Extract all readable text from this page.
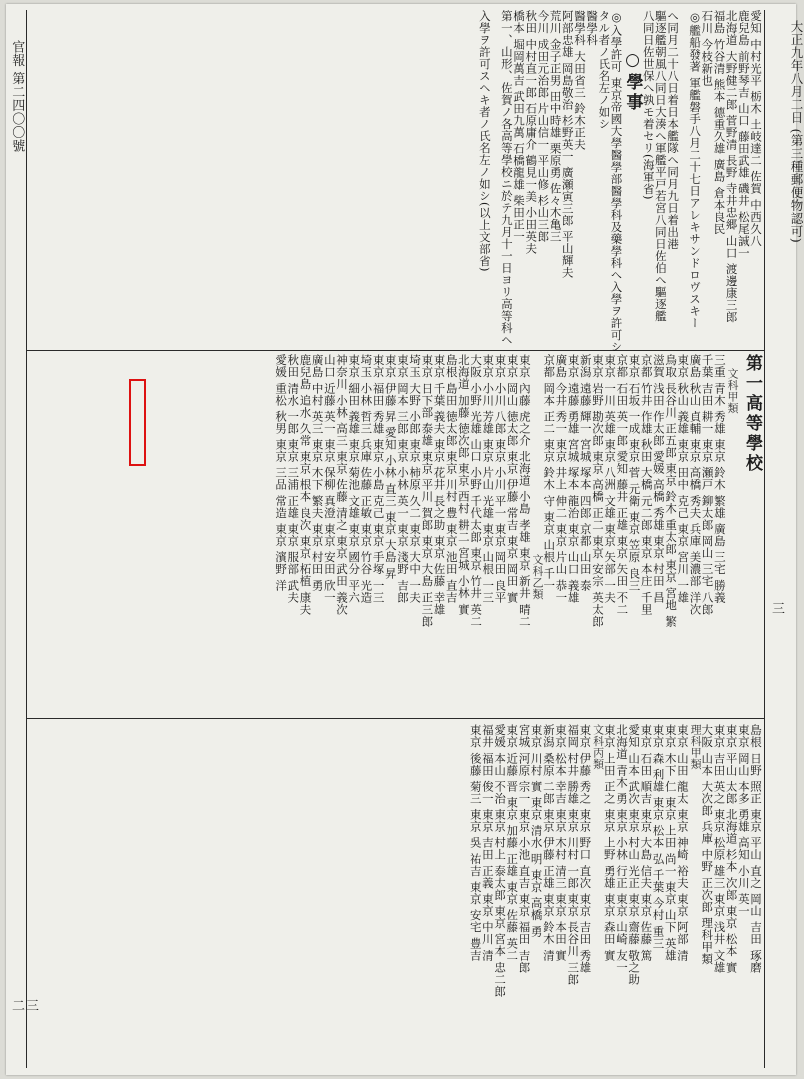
大正九年八月二日 (第三種郵便物認可)
官報 第二四〇〇號
二三
三
愛知 中村光平 栃木 土岐達二 佐賀 中西久八
鹿兒島 前野琴吉 山口 藤田武雄 磯井 松尾誠一
北海道 大野健二郎 菅野清 長野 寺井忠郷 山口 渡邊康三郎
福島 竹谷清 熊本 德重久雄 廣島 倉本良民
石川 今枝新也
◎艦船發著 軍艦磐手八月二十七日アレキサンドロヴスキー
へ同月二十八日着日本艦隊へ同月九日着出港
驅逐艦朝風八同日大湊へ軍艦平戸若宮八同日佐伯へ驅逐艦
八同日佐世保へ孰モ着セリ(海軍省)
○學事
◎入學許可 東京帝國大學醫學部醫學科及藥學科へ入學ヲ許可シ
タル者ノ氏名左ノ如シ
醫學科
醫學科 大田省三 鈴木正夫
阿部忠雄 岡島敬治 杉野英一 廣瀬寅三郎 平山輝夫
荒川 金子正男 田中時雄 栗原勇 佐々木亀三
今川 成田元治郎 片山信一 平山修 杉山三郎
秋田 中村直一郎 石原庸介 鶴見一美 小田英夫
橋本 堀岡萬吉 武田九萬 石橋龍雄 柴田正一
第一、山形、佐賀ノ各高等學校ニ於テ九月十一日ヨリ高等科ヘ
入學ヲ許可スヘキ者ノ氏名左ノ如シ(以上文部省)
第一高等學校
文科甲類
三重 青木 秀雄 東京 鈴木 繁雄 廣島 三宅 勝義
千葉 吉田 耕一 東京 瀬戸 鉚太郎 岡山 三宅 八郎
廣島 秋山 貞輔 東京 高橋 秀夫 兵庫 美濃部 洋次
東京 秋山 義雄 東京 田中 克己 東京 宮川 一雄
鳥取 長谷川 正五郎 東京 鈴木 重太郎 東京 宮地 繁
滋賀 浅田 作太郎 愛媛 高橋 秀雄 東京 村田 昌
京都 竹井 作雄 秋田 大橋 元二郎 東京 本庄 千里
東京 石坂 一成 東京 菅 元衛 東京 笠原 良三
京都 石田 英一郎 愛知 藤井 正雄 東京 矢田 不二
東京 一川 英雄 東京 八洲 文雄 東京 矢部 一夫
東京 岩野 勘次郎 東京 高橋 正二 東京 安宗 英太郎
新潟 遠藤 輝一 宮城 塚本 四郎 京都 山田 泰
東京 遠藤 勇雄 宮城 塚本 龍治 東京 山口 義雄
廣島 今井 秀一 東京 井上 伸二 東京 片山 恭一
京都 岡本 正二 東京 鈴木 守 東京 山根 千一
文科乙類
東京 內藤 虎之介 北海道 小島 孝雄 東京 新井 晴二
東京 岡山 徳太郎 東京 伊藤 常吉 東京 岡田 實
東京 小川 八郎 東京 小川 平一 東京 岡田 良平
東京 小川 芳雄 東京 片山 光雄 東京 山根 一三
大阪 小野 光雄 山口 小野 千代太郎 東京 竹井 英二
北海道 加藤 徳次郎 東京 西村 耕二 宮城 小林 實
島根 島田 徳太郎 東京 川村 豊 東京 池田 直吉
東京 千葉 義夫 東京 花井 長之助 東京 佐藤 幸雄
東京 日下部 泰雄 東京 平川 賀郎 東京 大島 正三郎
埼玉 大野 小郎 東京 柿原 久二 東京 大中 一夫
東京 岡本 三郎 東京 小林 英一 東京 淺野 吉郎
東京 伊藤 昇 愛知 小林 直三 東京 大島 昇
東京 福田 秀雄 東京 小島 克己 東京 手塚 一三
埼玉 小林 哲三 兵庫 佐藤 正敏 東京 竹谷 光造
東京 細田 義雄 東京 菊池 文雄 東京 國分 平六
神奈川 小林 高三 東京 佐藤 清之 東京 武田 義次
山口 近藤 英一 東京 保柳 真澄 東京 安田 欣一
廣島 中村 英三 東京 木下 繁夫 東京 村田 勇
鹿兒島 追水 久常 東京 根本 良次 東京 柘植 康夫
秋田 清水 一郎 東京 三浦 正雄 東京 服部 武夫
愛媛 重松 秋男 東京 三品 常造 東京 濱野 洋
島根 日野 照正 東京 平山 直之 岡山 吉田 琢磨
東京 岡山 本多 勇雄 高知 小川 英一
東京 平山 太郎 北海道 杉本 次郎 東京 松本 實
東京 吉田 英之 東京 松原 雄三 東京 浅井 文雄
大阪 山本 大次郎 兵庫 中野 正次郎 理科甲類
理科甲類
東京 山田 龍太 東京 神崎 裕夫 東京 阿部 清
東京 木下 仁 東京 上田 尚一 東京 山下 英雄
東京 森 利雄 東京 松本 弘 千葉 今村 重三
東京 石田 順吉 東京 大島 信夫 東京 佐藤 篤
愛知 山本 武次 東京 村山 光正 東京 齋藤 敬之助
北海道 青木 勇 東京 小林 行正 東京 山崎 友一
東京 上田 正之 東京 上野 勇雄 東京 森田 實
文科丙類
東京 伊藤 秀之 東京 野口 直次 東京 吉田 秀雄
福岡 村井 勝雄 東京 川村 一郎 東京 長谷川 三郎
東京 松本 幸吉 東京 木村 清三 東京 本田 實
新潟 桑原 二郎 東京 伊藤 正雄 東京 鈴木 清
東京 川村 實 東京 清水 明 東京 高橋 勇
宮城 河原 宗一 東京 小池 直吉 東京 福田 吉郎
東京 近藤 晋 東京 加藤 正雄 東京 佐藤 英二
愛媛 本山 不治 東京 村上 泰太郎 東京 宮本 忠二郎
福井 福田 俊一 東京 吉田 正義 東京 中川 清
東京 後藤 菊三 東京 吳 祐吉 東京 安宅 豊吉
